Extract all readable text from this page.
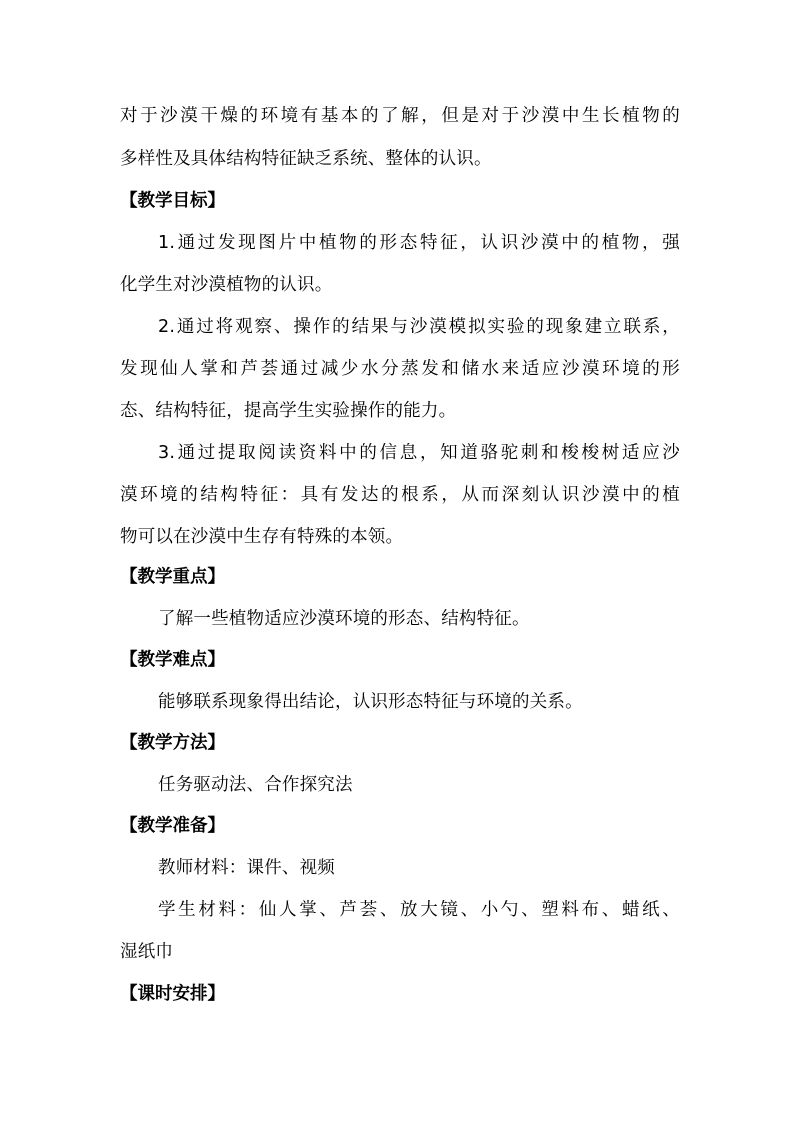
对于沙漠干燥的环境有基本的了解，但是对于沙漠中生长植物的
多样性及具体结构特征缺乏系统、整体的认识。
【教学目标】
1.通过发现图片中植物的形态特征，认识沙漠中的植物，强
化学生对沙漠植物的认识。
2.通过将观察、操作的结果与沙漠模拟实验的现象建立联系，
发现仙人掌和芦荟通过减少水分蒸发和储水来适应沙漠环境的形
态、结构特征，提高学生实验操作的能力。
3.通过提取阅读资料中的信息，知道骆驼刺和梭梭树适应沙
漠环境的结构特征：具有发达的根系，从而深刻认识沙漠中的植
物可以在沙漠中生存有特殊的本领。
【教学重点】
了解一些植物适应沙漠环境的形态、结构特征。
【教学难点】
能够联系现象得出结论，认识形态特征与环境的关系。
【教学方法】
任务驱动法、合作探究法
【教学准备】
教师材料：课件、视频
学生材料：仙人掌、芦荟、放大镜、小勺、塑料布、蜡纸、
湿纸巾
【课时安排】
